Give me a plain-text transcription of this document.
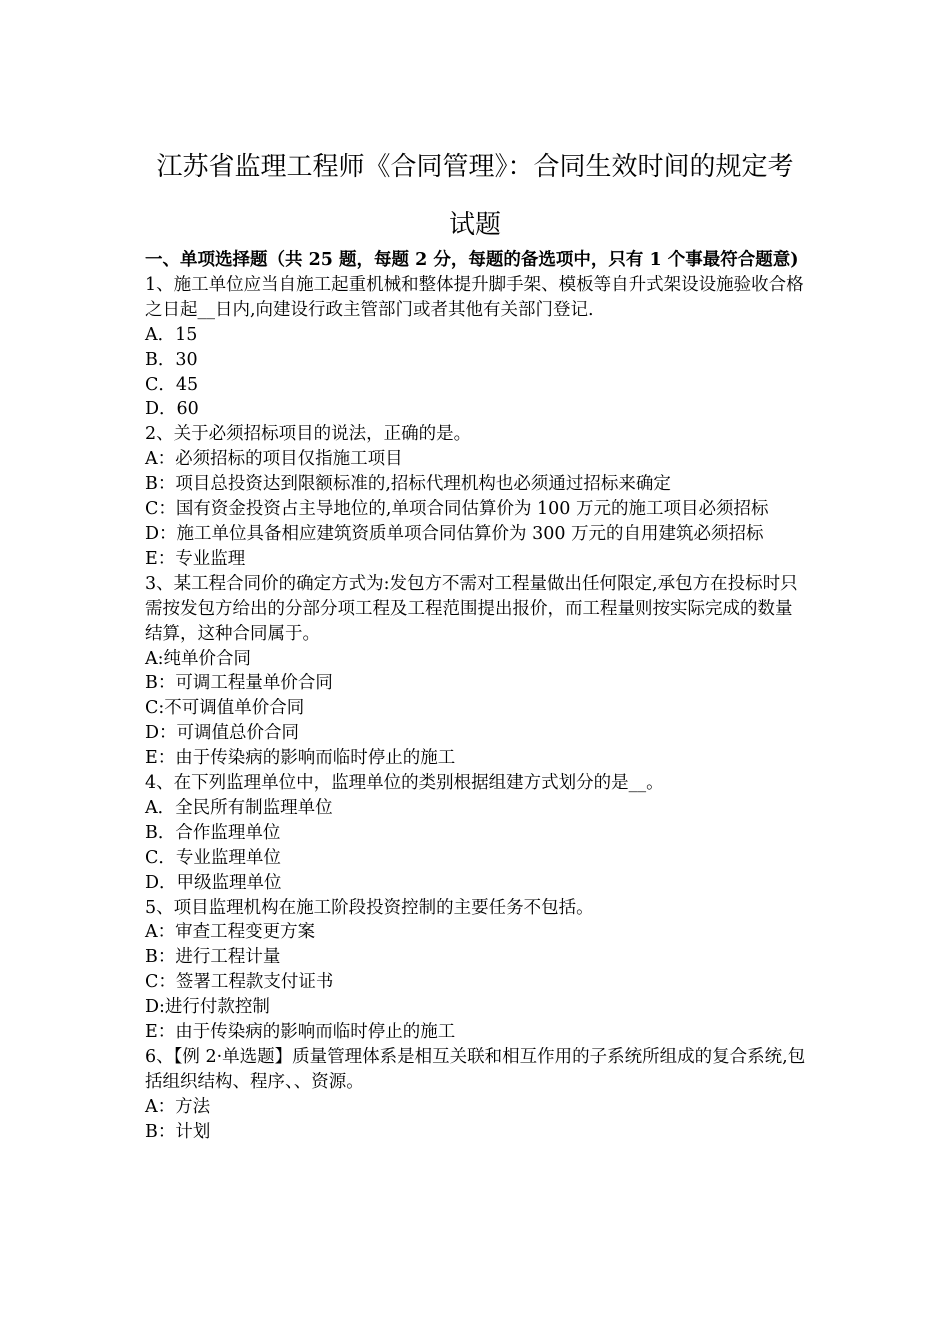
江苏省监理工程师《合同管理》：合同生效时间的规定考试题

一、单项选择题（共 25 题，每题 2 分，每题的备选项中，只有 1 个事最符合题意)

1、施工单位应当自施工起重机械和整体提升脚手架、模板等自升式架设设施验收合格之日起__日内,向建设行政主管部门或者其他有关部门登记.

A．15

B．30

C．45

D．60

2、关于必须招标项目的说法，正确的是。

A：必须招标的项目仅指施工项目

B：项目总投资达到限额标准的,招标代理机构也必须通过招标来确定

C：国有资金投资占主导地位的,单项合同估算价为 100 万元的施工项目必须招标

D：施工单位具备相应建筑资质单项合同估算价为 300 万元的自用建筑必须招标

E：专业监理

3、某工程合同价的确定方式为:发包方不需对工程量做出任何限定,承包方在投标时只需按发包方给出的分部分项工程及工程范围提出报价，而工程量则按实际完成的数量结算，这种合同属于。

A:纯单价合同

B：可调工程量单价合同

C:不可调值单价合同

D：可调值总价合同

E：由于传染病的影响而临时停止的施工

4、在下列监理单位中，监理单位的类别根据组建方式划分的是__。

A．全民所有制监理单位

B．合作监理单位

C．专业监理单位

D．甲级监理单位

5、项目监理机构在施工阶段投资控制的主要任务不包括。

A：审查工程变更方案

B：进行工程计量

C：签署工程款支付证书

D:进行付款控制

E：由于传染病的影响而临时停止的施工

6、【例 2·单选题】质量管理体系是相互关联和相互作用的子系统所组成的复合系统,包括组织结构、程序、、资源。

A：方法

B：计划
